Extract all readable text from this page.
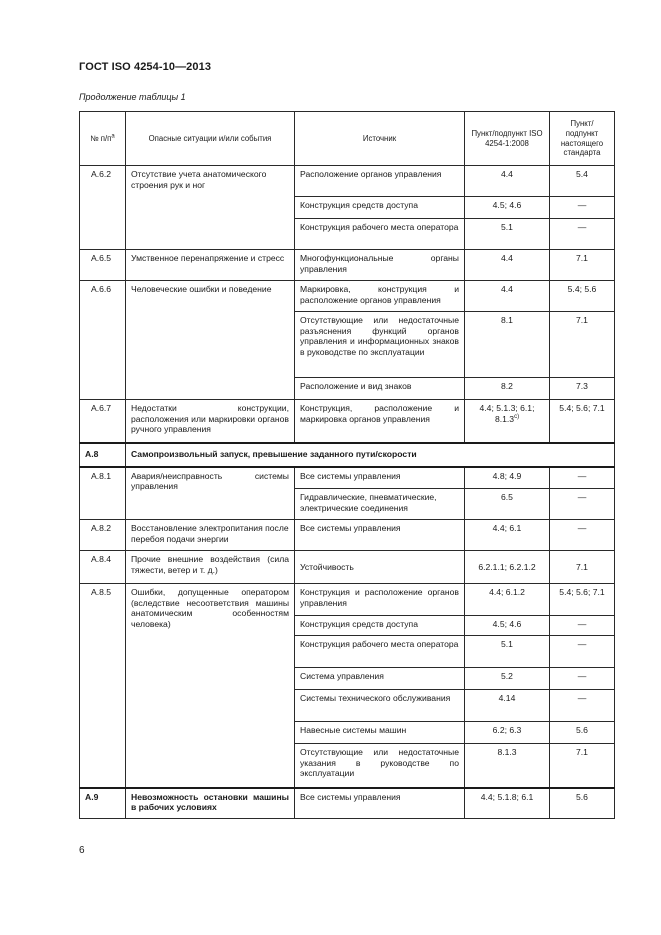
ГОСТ ISO 4254-10—2013
Продолжение таблицы 1
№ $п/п^а$	Опасные ситуации и/или события	Источник	Пункт/подпункт ISO 4254-1:2008	Пункт/ подпункт настоящего стандарта
А.6.2	Отсутствие учета анатомического строения рук и ног	Расположение органов управления	4.4	5.4
		Конструкция средств доступа	4.5; 4.6	—
		Конструкция рабочего места оператора	5.1	—
А.6.5	Умственное перенапряжение и стресс	Многофункциональные органы управления	4.4	7.1
А.6.6	Человеческие ошибки и поведение	Маркировка, конструкция и расположение органов управления	4.4	5.4; 5.6
		Отсутствующие или недостаточные разъяснения функций органов управления и информационных знаков в руководстве по эксплуатации	8.1	7.1
		Расположение и вид знаков	8.2	7.3
А.6.7	Недостатки конструкции, расположения или маркировки органов ручного управления	Конструкция, расположение и маркировка органов управления	4.4; 5.1.3; 6.1; $8.1.3^{с)}$	5.4; 5.6; 7.1
А.8	Самопроизвольный запуск, превышение заданного пути/скорости			
А.8.1	Авария/неисправность системы управления	Все системы управления	4.8; 4.9	—
		Гидравлические, пневматические, электрические соединения	6.5	—
А.8.2	Восстановление электропитания после перебоя подачи энергии	Все системы управления	4.4; 6.1	—
А.8.4	Прочие внешние воздействия (сила тяжести, ветер и т. д.)	Устойчивость	6.2.1.1; 6.2.1.2	7.1
А.8.5	Ошибки, допущенные оператором (вследствие несоответствия машины анатомическим особенностям человека)	Конструкция и расположение органов управления	4.4; 6.1.2	5.4; 5.6; 7.1
		Конструкция средств доступа	4.5; 4.6	—
		Конструкция рабочего места оператора	5.1	—
		Система управления	5.2	—
		Системы технического обслуживания	4.14	—
		Навесные системы машин	6.2; 6.3	5.6
		Отсутствующие или недостаточные указания в руководстве по эксплуатации	8.1.3	7.1
А.9	Невозможность остановки машины в рабочих условиях	Все системы управления	4.4; 5.1.8; 6.1	5.6
6
